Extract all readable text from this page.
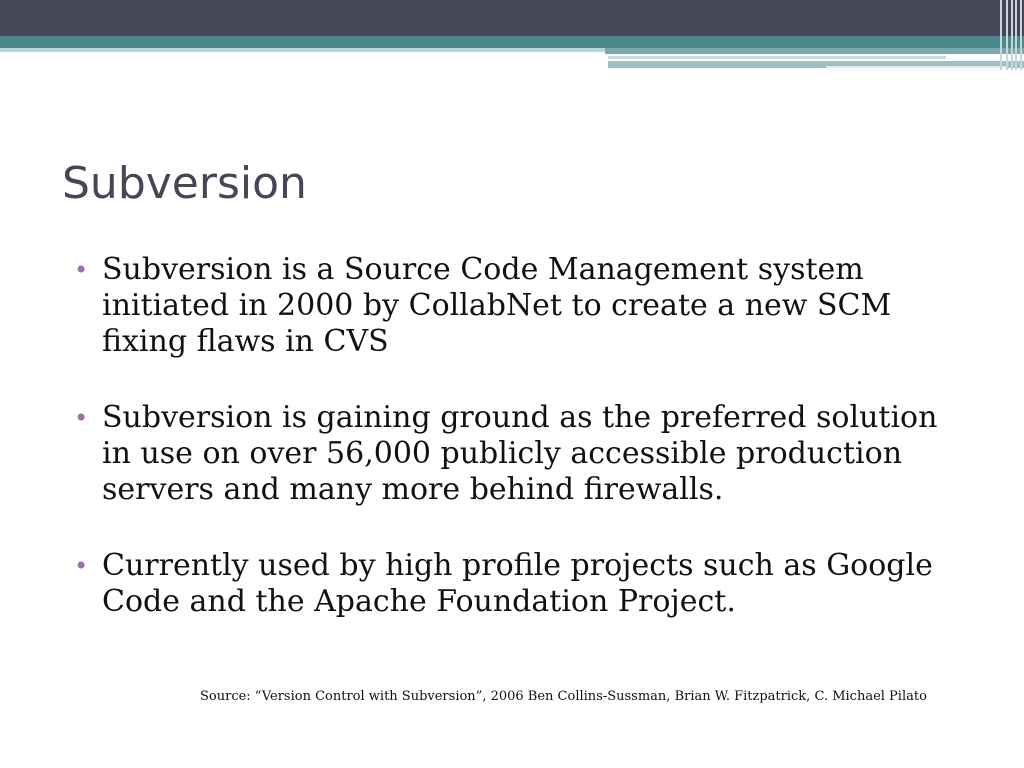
Subversion
• Subversion is a Source Code Management system initiated in 2000 by CollabNet to create a new SCM fixing flaws in CVS
• Subversion is gaining ground as the preferred solution in use on over 56,000 publicly accessible production servers and many more behind firewalls.
• Currently used by high profile projects such as Google Code and the Apache Foundation Project.
Source: “Version Control with Subversion”, 2006 Ben Collins-Sussman, Brian W. Fitzpatrick, C. Michael Pilato
